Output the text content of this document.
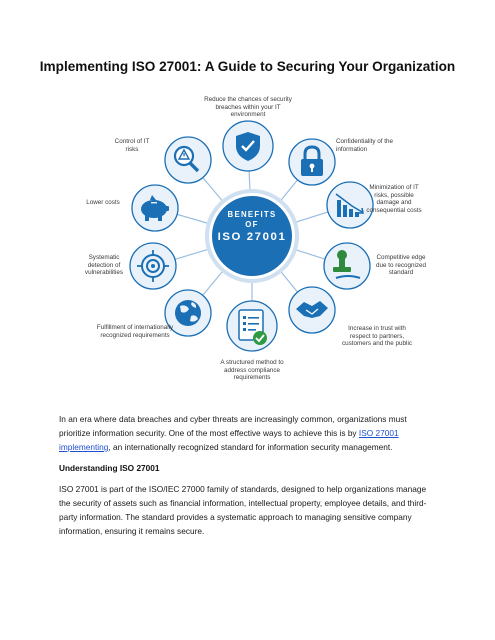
Implementing ISO 27001: A Guide to Securing Your Organization
BENEFITS
OF
ISO 27001
Reduce the chances of security breaches within your IT environment
Confidentiality of the information
Minimization of IT risks, possible damage and consequential costs
Competitive edge due to recognized standard
Increase in trust with respect to partners, customers and the public
A structured method to address compliance requirements
Fulfillment of internationally recognized requirements
Systematic detection of vulnerabilities
Lower costs
Control of IT risks
In an era where data breaches and cyber threats are increasingly common, organizations must prioritize information security. One of the most effective ways to achieve this is by ISO 27001 implementing, an internationally recognized standard for information security management.
Understanding ISO 27001
ISO 27001 is part of the ISO/IEC 27000 family of standards, designed to help organizations manage the security of assets such as financial information, intellectual property, employee details, and third-party information. The standard provides a systematic approach to managing sensitive company information, ensuring it remains secure.
